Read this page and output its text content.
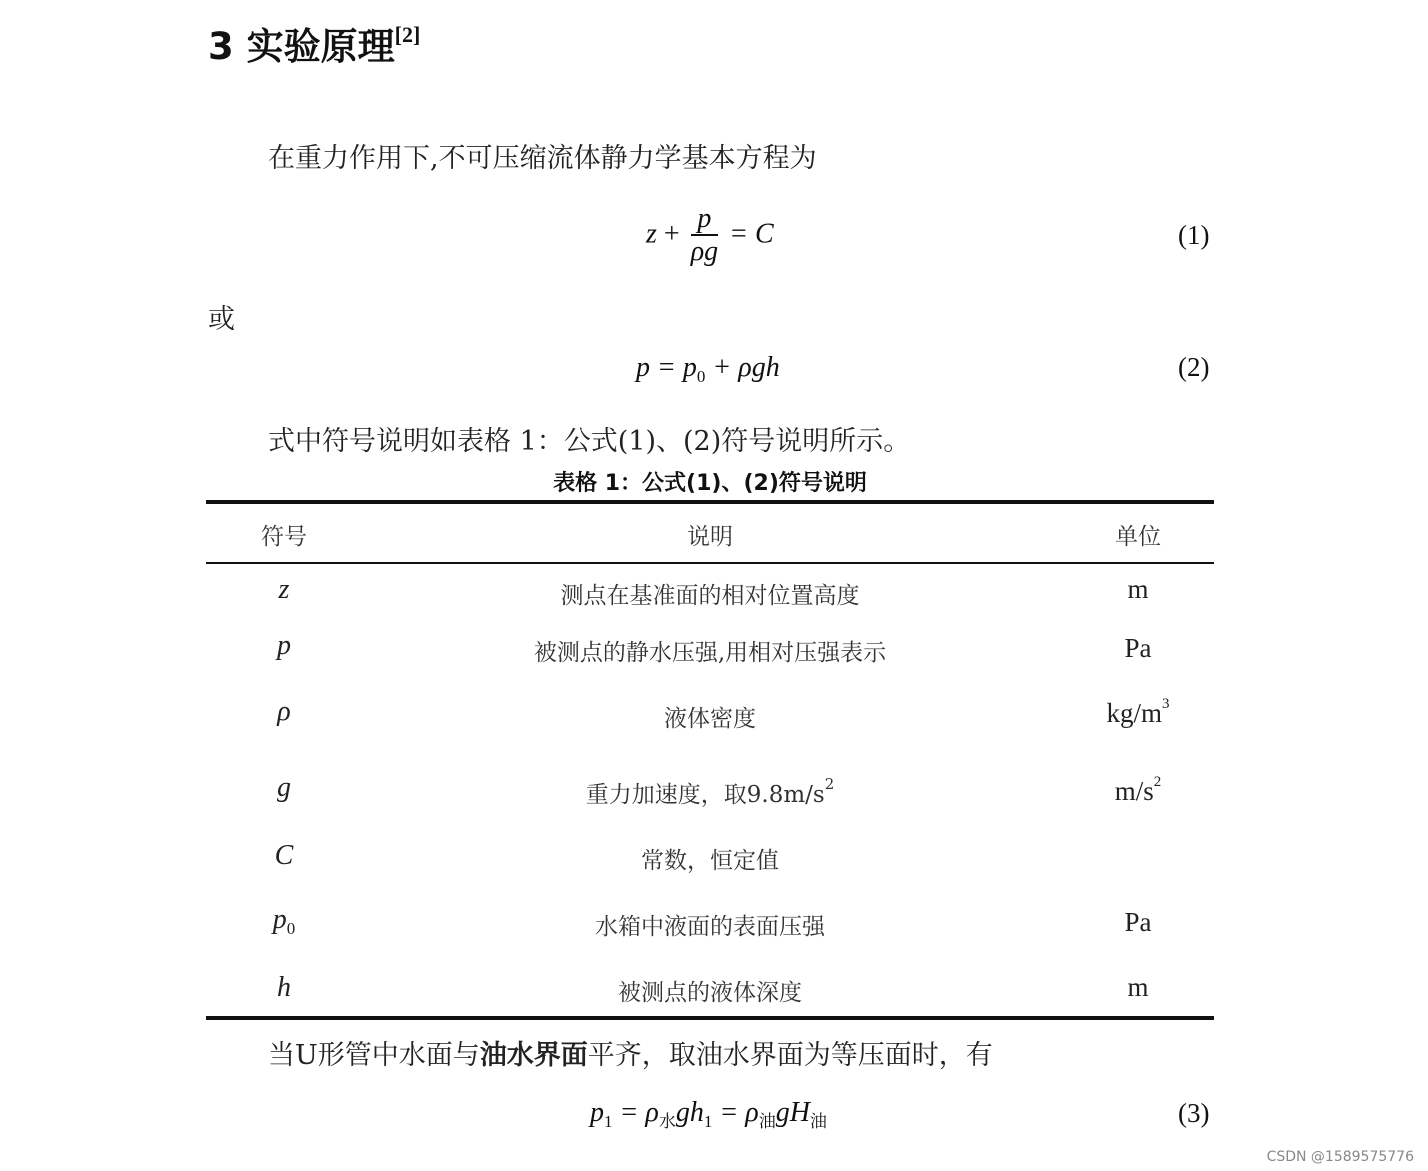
3 实验原理[2]
在重力作用下,不可压缩流体静力学基本方程为
$z + \frac{p}{\rho g} = C$	(1)
或
$p = p_0 + \rho gh$	(2)
式中符号说明如表格 1：公式(1)、(2)符号说明所示。
表格 1：公式(1)、(2)符号说明
符号	说明	单位
z	测点在基准面的相对位置高度	m
p	被测点的静水压强,用相对压强表示	Pa
ρ	液体密度	$kg/m^3$
g	重力加速度，取$9.8m/s^2$	$m/s^2$
C	常数，恒定值
$p_0$	水箱中液面的表面压强	Pa
h	被测点的液体深度	m
当U形管中水面与油水界面平齐，取油水界面为等压面时，有
$p_1 = \rho_水gh_1 = \rho_油gH_油$	(3)
CSDN @1589575776
